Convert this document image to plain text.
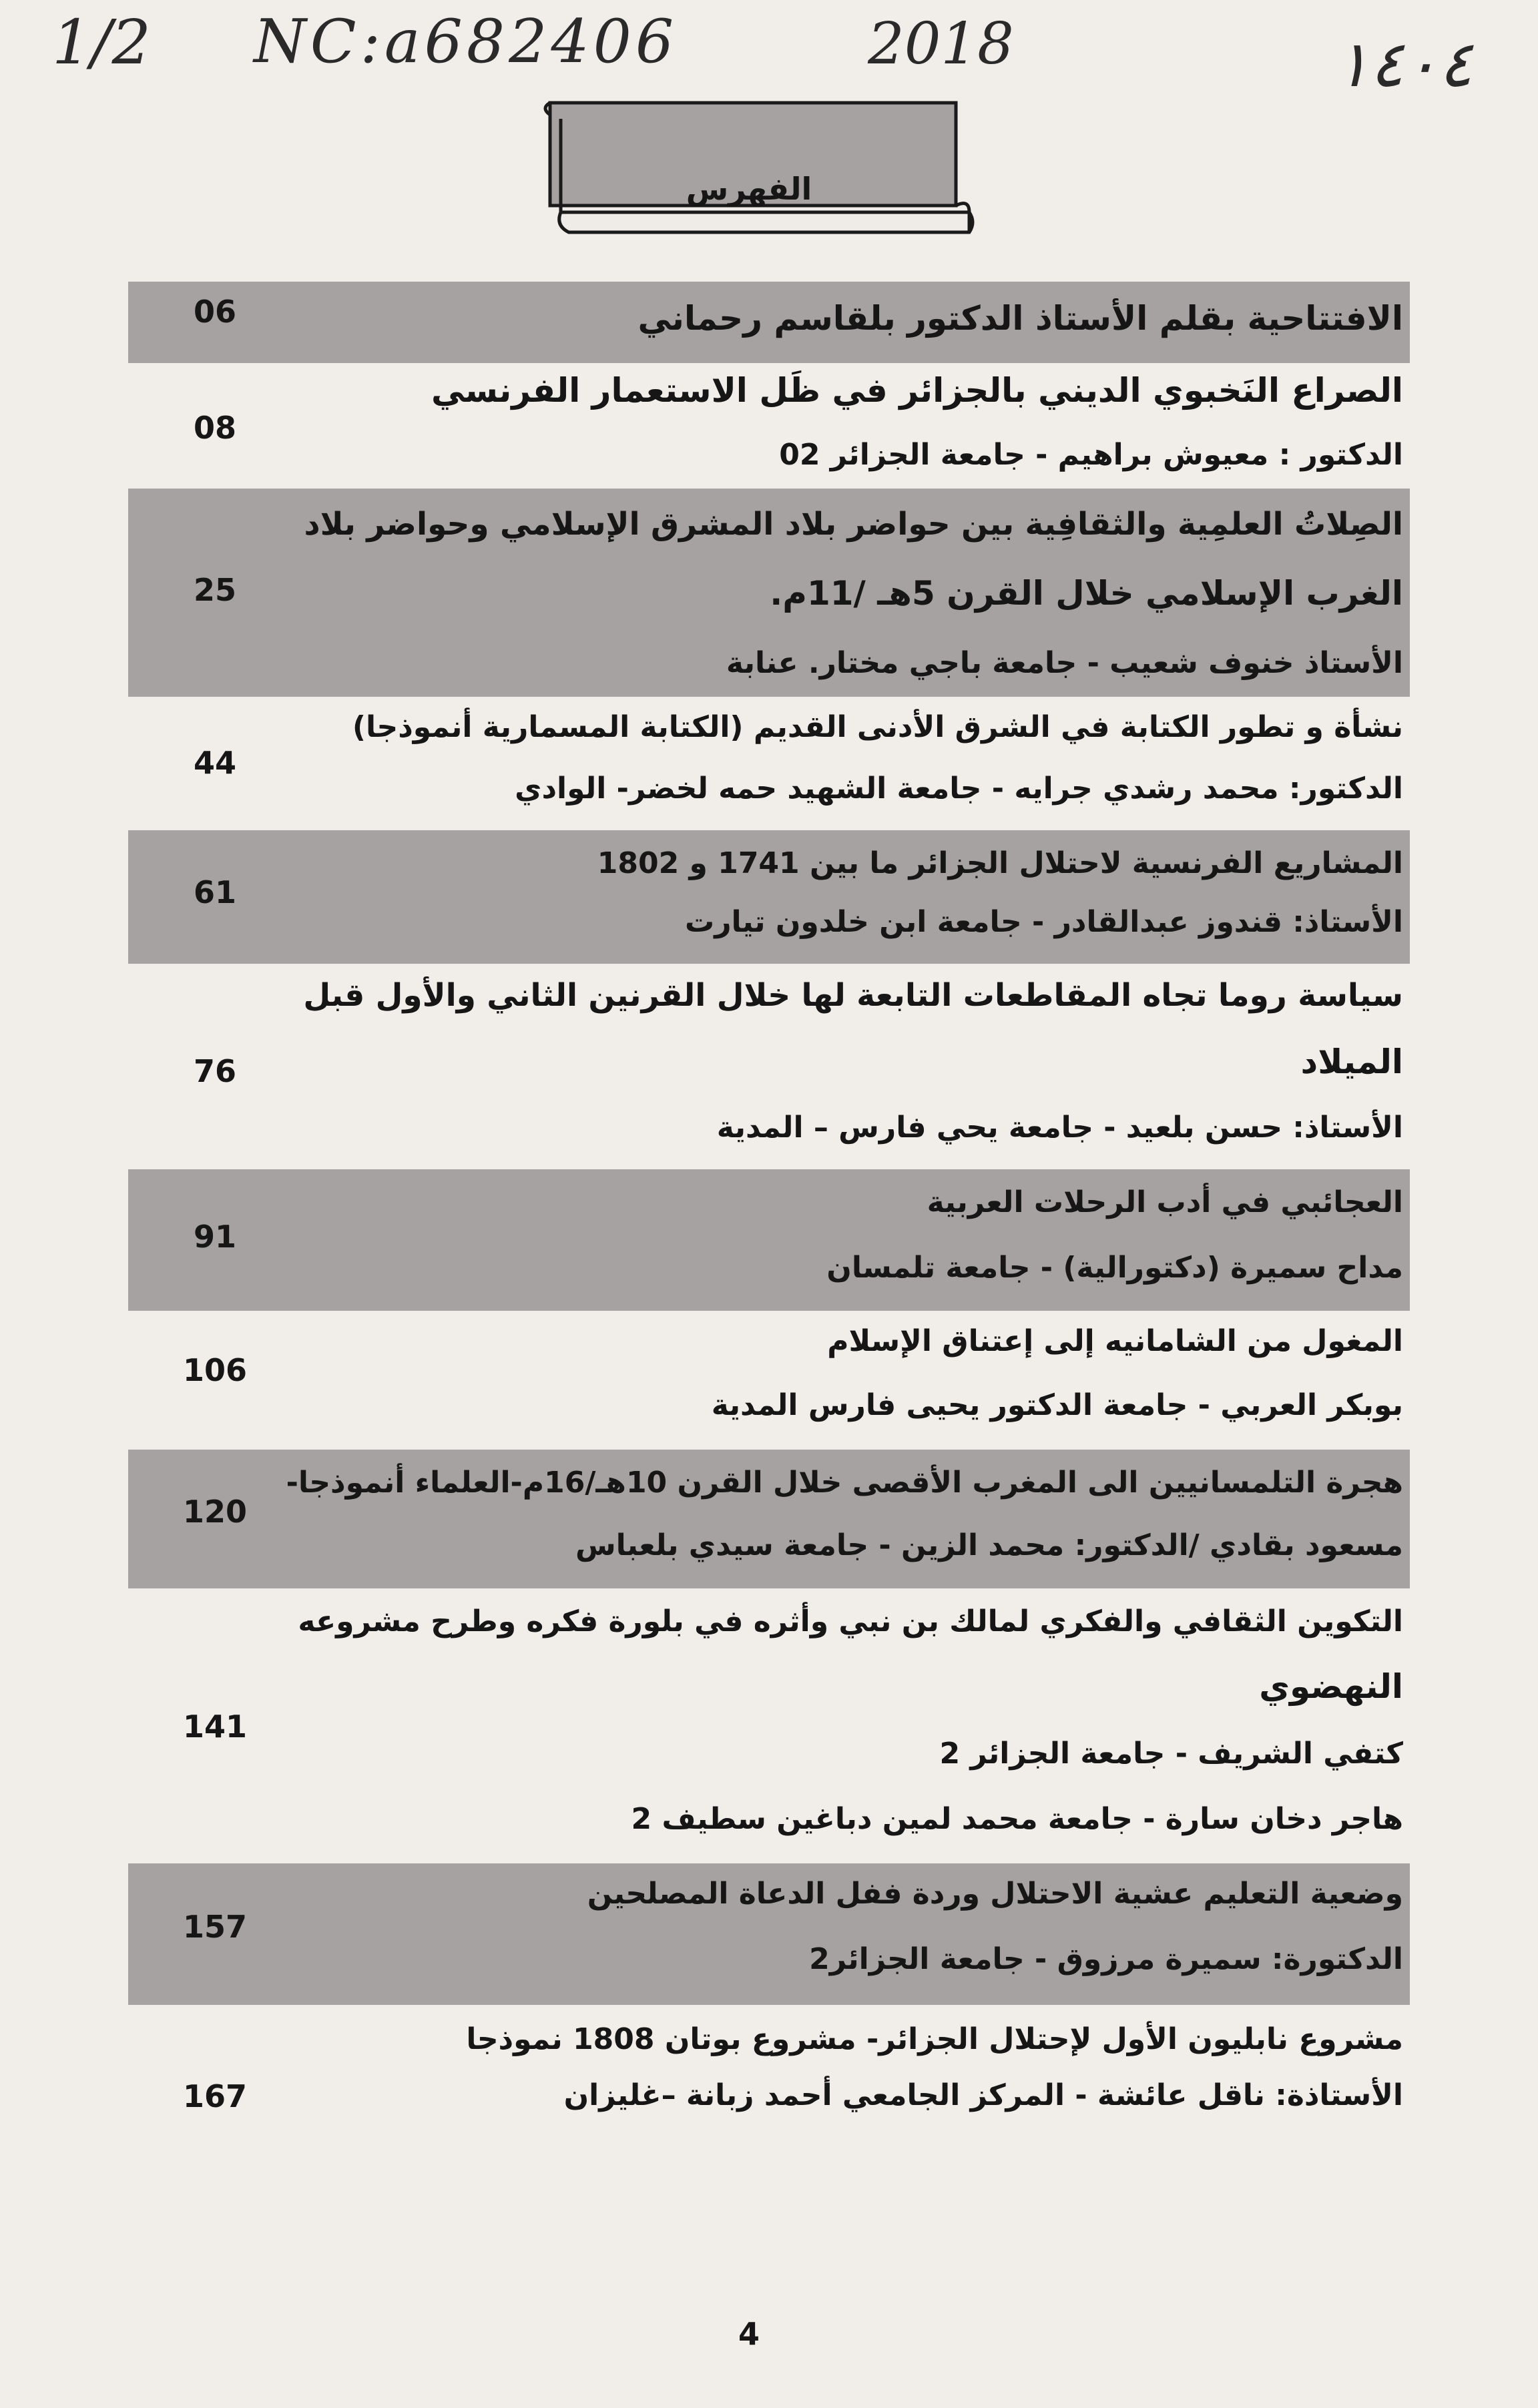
1/2 NC:a682406	2018	١٤٠٤
الفهرس
06	الافتتاحية بقلم الأستاذ الدكتور بلقاسم رحماني
08
الصراع النَخبوي الديني بالجزائر في ظَل الاستعمار الفرنسي
الدكتور : معيوش براهيم - جامعة الجزائر 02
25
الصِلاتُ العلمِية والثقافِية بين حواضر بلاد المشرق الإسلامي وحواضر بلاد
الغرب الإسلامي خلال القرن 5هـ /11م.
الأستاذ خنوف شعيب - جامعة باجي مختار. عنابة
44
نشأة و تطور الكتابة في الشرق الأدنى القديم (الكتابة المسمارية أنموذجا)
الدكتور: محمد رشدي جرايه - جامعة الشهيد حمه لخضر- الوادي
61
المشاريع الفرنسية لاحتلال الجزائر ما بين 1741 و 1802
الأستاذ: قندوز عبدالقادر - جامعة ابن خلدون تيارت
76
سياسة روما تجاه المقاطعات التابعة لها خلال القرنين الثاني والأول قبل
الميلاد
الأستاذ: حسن بلعيد - جامعة يحي فارس – المدية
91
العجائبي في أدب الرحلات العربية
مداح سميرة (دكتورالية) - جامعة تلمسان
106
المغول من الشامانيه إلى إعتناق الإسلام
بوبكر العربي - جامعة الدكتور يحيى فارس المدية
120
هجرة التلمسانيين الى المغرب الأقصى خلال القرن 10هـ/16م-العلماء أنموذجا-
مسعود بقادي /الدكتور: محمد الزين - جامعة سيدي بلعباس
141
التكوين الثقافي والفكري لمالك بن نبي وأثره في بلورة فكره وطرح مشروعه
النهضوي
كتفي الشريف - جامعة الجزائر 2
هاجر دخان سارة - جامعة محمد لمين دباغين سطيف 2
157
وضعية التعليم عشية الاحتلال وردة ففل الدعاة المصلحين
الدكتورة: سميرة مرزوق - جامعة الجزائر2
167
مشروع نابليون الأول لإحتلال الجزائر- مشروع بوتان 1808 نموذجا
الأستاذة: ناقل عائشة - المركز الجامعي أحمد زبانة –غليزان
4
